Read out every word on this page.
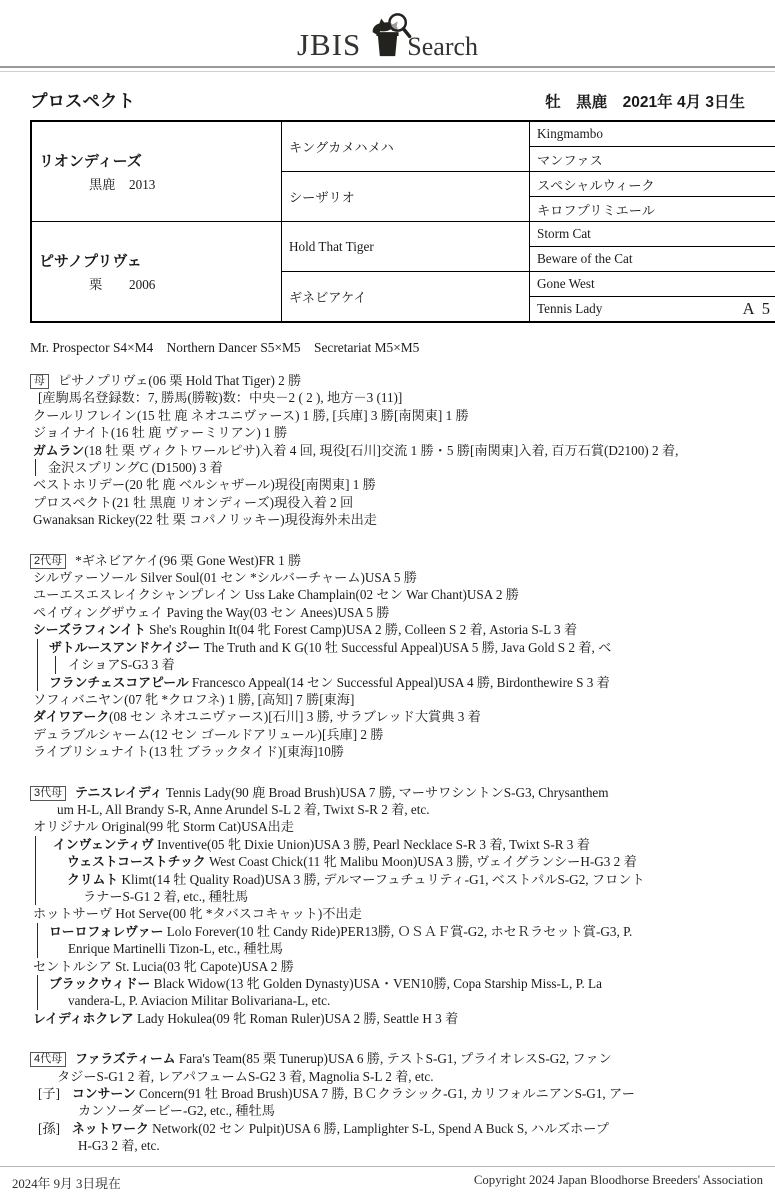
JBIS Search
プロスペクト	牡　黒鹿　2021年 4月 3日生
リオンディーズ
黒鹿 2013	キングカメハメハ	Kingmambo
		マンファス
	シーザリオ	スペシャルウィーク
		キロフプリミエール

ピサノプリヴェ
栗 2006	Hold That Tiger	Storm Cat
		Beware of the Cat
	ギネビアケイ	Gone West

		Tennis Lady A 5
Mr. Prospector S4×M4　Northern Dancer S5×M5　Secretariat M5×M5
母 ピサノプリヴェ(06 栗 Hold That Tiger) 2 勝
[産駒馬名登録数：7, 勝馬(勝鞍)数：中央－2 ( 2 ), 地方－3 (11)]
クールリフレイン(15 牡 鹿 ネオユニヴァース) 1 勝, [兵庫] 3 勝[南関東] 1 勝
ジョイナイト(16 牡 鹿 ヴァーミリアン) 1 勝
ガムラン(18 牡 栗 ヴィクトワールピサ)入着 4 回, 現役[石川]交流 1 勝・5 勝[南関東]入着, 百万石賞(D2100) 2 着,
金沢スプリングC (D1500) 3 着
ベストホリデー(20 牝 鹿 ベルシャザール)現役[南関東] 1 勝
プロスペクト(21 牡 黒鹿 リオンディーズ)現役入着 2 回
Gwanaksan Rickey(22 牡 栗 コパノリッキー)現役海外未出走
2代母 *ギネビアケイ(96 栗 Gone West)FR 1 勝
シルヴァーソール Silver Soul(01 セン *シルバーチャーム)USA 5 勝
ユーエスエスレイクシャンプレイン Uss Lake Champlain(02 セン War Chant)USA 2 勝
ペイヴィングザウェイ Paving the Way(03 セン Anees)USA 5 勝
シーズラフィンイト She's Roughin It(04 牝 Forest Camp)USA 2 勝, Colleen S 2 着, Astoria S-L 3 着
ザトルースアンドケイジー The Truth and K G(10 牡 Successful Appeal)USA 5 勝, Java Gold S 2 着, ベ
イショアS-G3 3 着
フランチェスコアピール Francesco Appeal(14 セン Successful Appeal)USA 4 勝, Birdonthewire S 3 着
ソフィバニヤン(07 牝 *クロフネ) 1 勝, [高知] 7 勝[東海]
ダイワアーク(08 セン ネオユニヴァース)[石川] 3 勝, サラブレッド大賞典 3 着
デュラブルシャーム(12 セン ゴールドアリュール)[兵庫] 2 勝
ライブリシュナイト(13 牡 ブラックタイド)[東海]10勝
3代母 テニスレイディ Tennis Lady(90 鹿 Broad Brush)USA 7 勝, マーサワシントンS-G3, Chrysanthem
um H-L, All Brandy S-R, Anne Arundel S-L 2 着, Twixt S-R 2 着, etc.
オリジナル Original(99 牝 Storm Cat)USA出走
インヴェンティヴ Inventive(05 牝 Dixie Union)USA 3 勝, Pearl Necklace S-R 3 着, Twixt S-R 3 着
ウェストコーストチック West Coast Chick(11 牝 Malibu Moon)USA 3 勝, ヴェイグランシーH-G3 2 着
クリムト Klimt(14 牡 Quality Road)USA 3 勝, デルマーフュチュリティ-G1, ベストパルS-G2, フロント
ラナーS-G1 2 着, etc., 種牡馬
ホットサーヴ Hot Serve(00 牝 *タバスコキャット)不出走
ローロフォレヴァー Lolo Forever(10 牡 Candy Ride)PER13勝, ＯＳＡＦ賞-G2, ホセＲラセット賞-G3, P.
Enrique Martinelli Tizon-L, etc., 種牡馬
セントルシア St. Lucia(03 牝 Capote)USA 2 勝
ブラックウィドー Black Widow(13 牝 Golden Dynasty)USA・VEN10勝, Copa Starship Miss-L, P. La
vandera-L, P. Aviacion Militar Bolivariana-L, etc.
レイディホクレア Lady Hokulea(09 牝 Roman Ruler)USA 2 勝, Seattle H 3 着
4代母 ファラズティーム Fara's Team(85 栗 Tunerup)USA 6 勝, テストS-G1, プライオレスS-G2, ファン
タジーS-G1 2 着, レアパフュームS-G2 3 着, Magnolia S-L 2 着, etc.
[子] コンサーン Concern(91 牡 Broad Brush)USA 7 勝, ＢＣクラシック-G1, カリフォルニアンS-G1, アー
カンソーダービー-G2, etc., 種牡馬
[孫] ネットワーク Network(02 セン Pulpit)USA 6 勝, Lamplighter S-L, Spend A Buck S, ハルズホープ
H-G3 2 着, etc.
2024年 9月 3日現在	Copyright 2024 Japan Bloodhorse Breeders' Association
